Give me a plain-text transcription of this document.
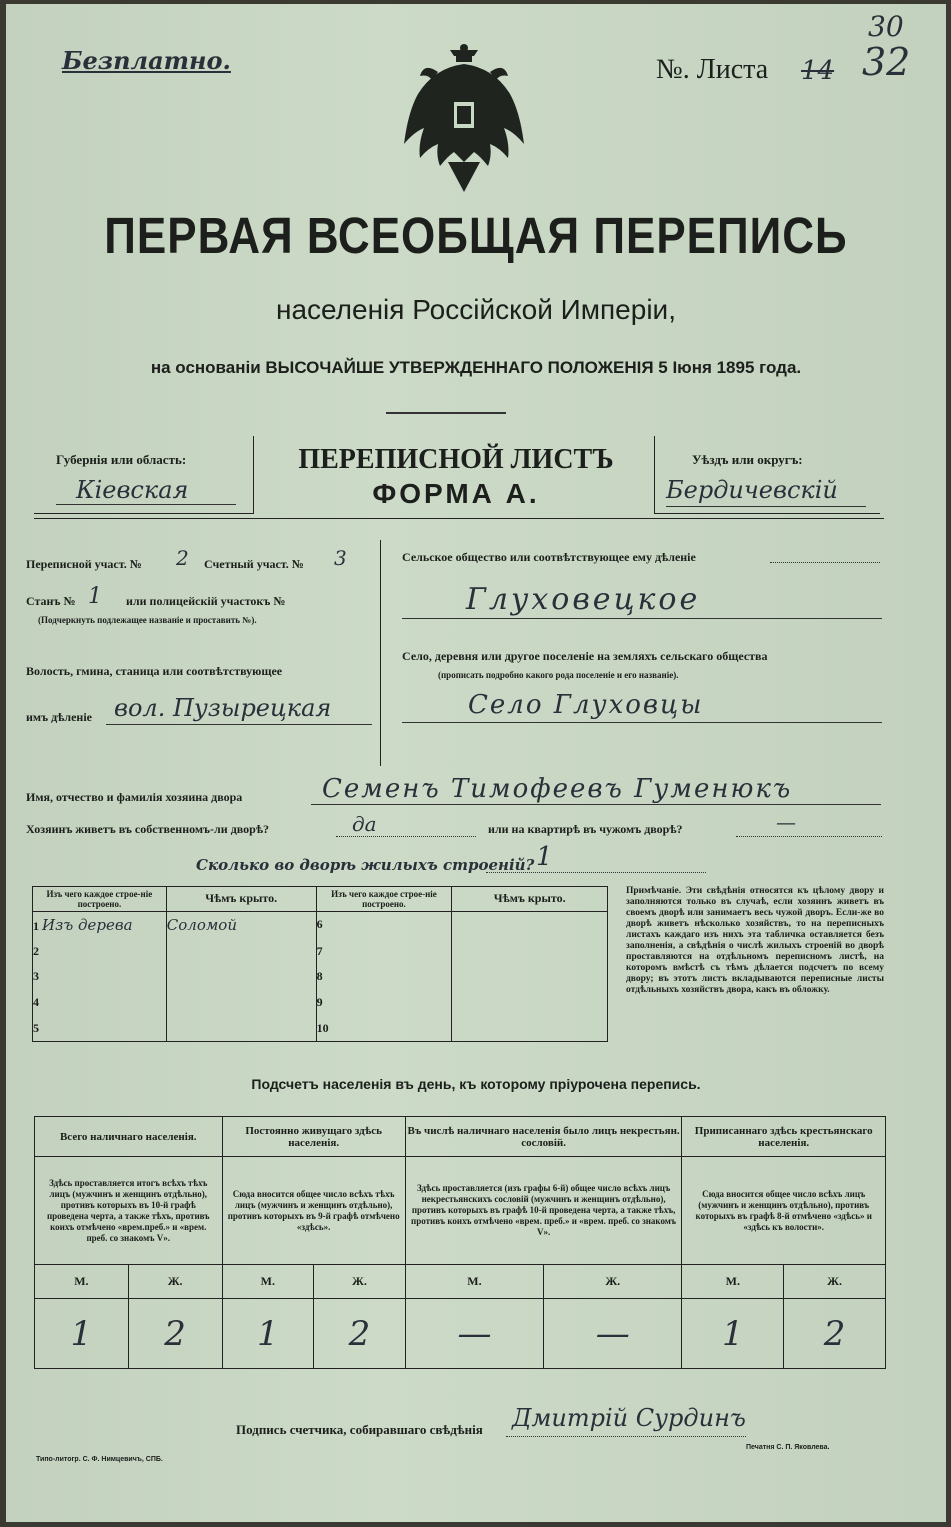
Безплатно.
30
№. Листа 14 32
ПЕРВАЯ ВСЕОБЩАЯ ПЕРЕПИСЬ
населенія Россійской Имперіи,
на основаніи ВЫСОЧАЙШЕ УТВЕРЖДЕННАГО ПОЛОЖЕНІЯ 5 Іюня 1895 года.
Губернія или область:
Кіевская
ПЕРЕПИСНОЙ ЛИСТЪ
ФОРМА А.
Уѣздъ или округъ:
Бердичевскій
Переписной участ. № 2 Счетный участ. № 3
Станъ № 1 или полицейскій участокъ №
(Подчеркнуть подлежащее названіе и проставить №).
Волость, гмина, станица или соотвѣтствующее
имъ дѣленіе вол. Пузырецкая
Сельское общество или соотвѣтствующее ему дѣленіе
Глуховецкое
Село, деревня или другое поселеніе на земляхъ сельскаго общества
(прописать подробно какого рода поселеніе и его названіе).
Село Глуховцы
Имя, отчество и фамилія хозяина двора	Семенъ Тимофеевъ Гуменюкъ
Хозяинъ живетъ въ собственномъ-ли дворѣ?	да	или на квартирѣ въ чужомъ дворѣ?	—
Сколько во дворѣ жилыхъ строеній? 1
Изъ чего каждое строе-ніе построено.	Чѣмъ крыто.	Изъ чего каждое строе-ніе построено.	Чѣмъ крыто.
1 Изъ дерева	Соломой	6	
2		7	
3		8	
4		9	
5		10	
Примѣчаніе. Эти свѣдѣнія относятся къ цѣлому двору и заполняются только въ случаѣ, если хозяинъ живетъ въ своемъ дворѣ или занимаетъ весь чужой дворъ. Если-же во дворѣ живетъ нѣсколько хозяйствъ, то на переписныхъ листахъ каждаго изъ нихъ эта табличка оставляется безъ заполненія, а свѣдѣнія о числѣ жилыхъ строеній во дворѣ проставляются на отдѣльномъ переписномъ листѣ, на которомъ вмѣстѣ съ тѣмъ дѣлается подсчетъ по всему двору; въ этотъ листъ вкладываются переписные листы отдѣльныхъ хозяйствъ двора, какъ въ обложку.
Подсчетъ населенія въ день, къ которому пріурочена перепись.
Всего наличнаго населенія.		Постоянно живущаго здѣсь населенія.		Въ числѣ наличнаго населенія было лицъ некрестьян. сословій.		Приписаннаго здѣсь крестьянскаго населенія.	
Здѣсь проставляется итогъ всѣхъ тѣхъ лицъ (мужчинъ и женщинъ отдѣльно), противъ которыхъ въ 10-й графѣ проведена черта, а также тѣхъ, противъ коихъ отмѣчено «врем.преб.» и «врем. преб. со знакомъ V».		Сюда вносится общее число всѣхъ тѣхъ лицъ (мужчинъ и женщинъ отдѣльно), противъ которыхъ въ 9-й графѣ отмѣчено «здѣсь».		Здѣсь проставляется (изъ графы 6-й) общее число всѣхъ лицъ некрестьянскихъ сословій (мужчинъ и женщинъ отдѣльно), противъ которыхъ въ графѣ 10-й проведена черта, а также тѣхъ, противъ коихъ отмѣчено «врем. преб.» и «врем. преб. со знакомъ V».		Сюда вносится общее число всѣхъ лицъ (мужчинъ и женщинъ отдѣльно), противъ которыхъ въ графѣ 8-й отмѣчено «здѣсь» и «здѣсь къ волости».	
М.	Ж.	М.	Ж.	М.	Ж.	М.	Ж.
1	2	1	2	—	—	1	2
Подпись счетчика, собиравшаго свѣдѣнія Дмитрій Сурдинъ
Типо-литогр. С. Ф. Нимцевичъ, СПБ.
Печатня С. П. Яковлева.
